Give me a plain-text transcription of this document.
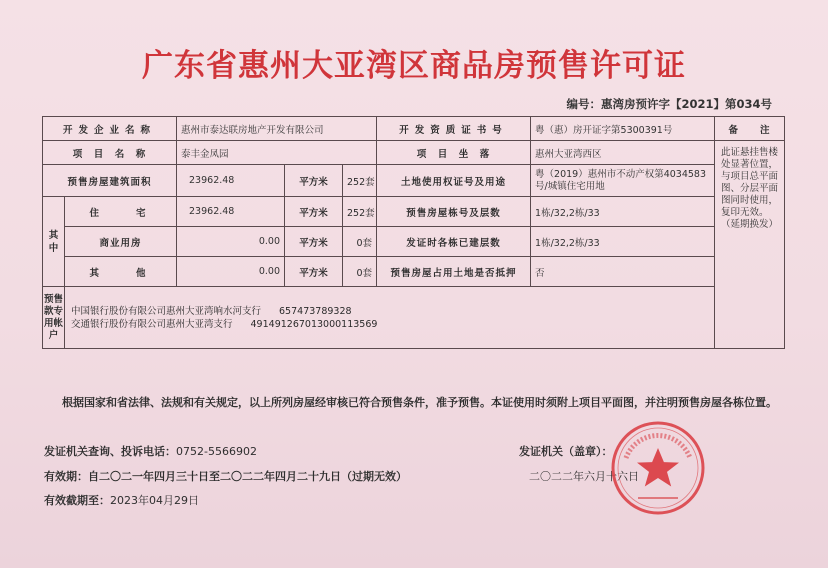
广东省惠州大亚湾区商品房预售许可证
编号：惠湾房预许字【2021】第034号
开发企业名称		惠州市泰达联房地产开发有限公司			开发资质证书号	粤（惠）房开证字第5300391号	备　　注
项　目　名　称		泰丰金凤园			项　目　坐　落	惠州大亚湾西区	此证悬挂售楼处显著位置，与项目总平面图、分层平面图同时使用，复印无效。（延期换发）
预售房屋建筑面积		23962.48	平方米	252套	土地使用权证号及用途	粤（2019）惠州市不动产权第4034583号/城镇住宅用地	
其　　中	住　　宅	23962.48	平方米	252套	预售房屋栋号及层数	1栋/32,2栋/33	
	商业用房	0.00	平方米	0套	发证时各栋已建层数	1栋/32,2栋/33	
	其　　他	0.00	平方米	0套	预售房屋占用土地是否抵押	否	
预售款专用帐户	中国银行股份有限公司惠州大亚湾响水河支行 657473789328
交通银行股份有限公司惠州大亚湾支行 491491267013000113569						
根据国家和省法律、法规和有关规定，以上所列房屋经审核已符合预售条件，准予预售。本证使用时须附上项目平面图，并注明预售房屋各栋位置。
发证机关查询、投诉电话：0752-5566902	发证机关（盖章）：
有效期：自二〇二一年四月三十日至二〇二二年四月二十九日（过期无效）	二〇二二年六月十六日
有效截期至：2023年04月29日
